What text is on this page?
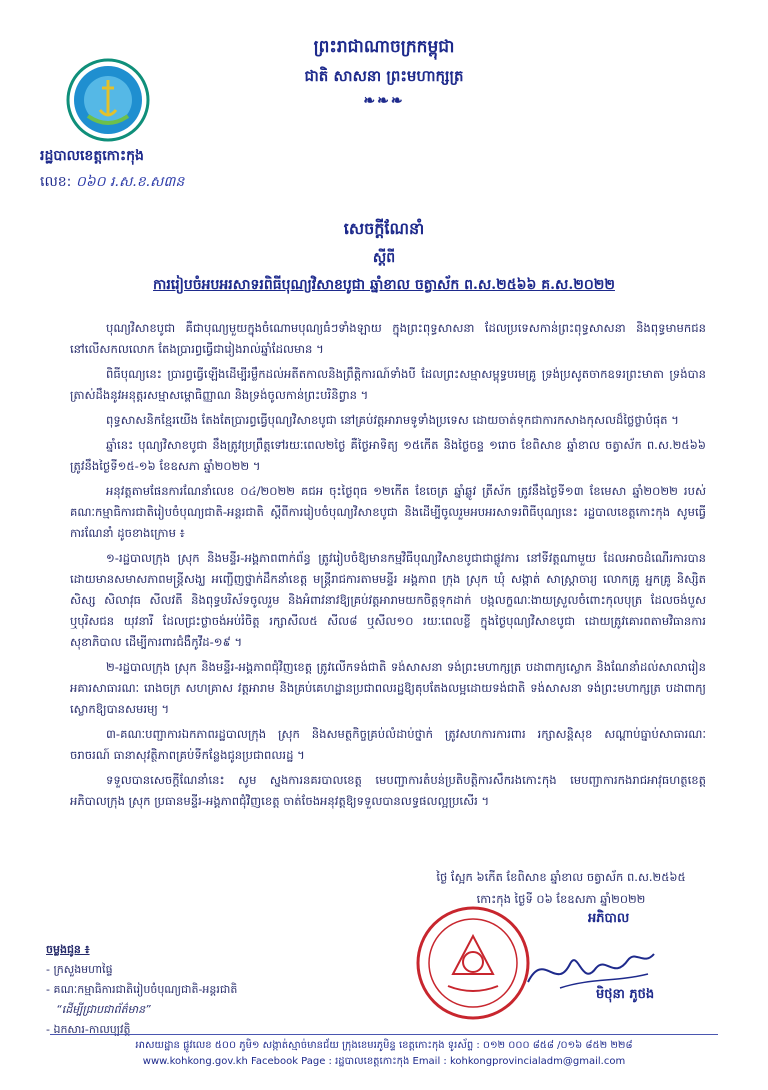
ព្រះរាជាណាចក្រកម្ពុជា
ជាតិ សាសនា ព្រះមហាក្សត្រ
❧❧❧
រដ្ឋបាលខេត្តកោះកុង
លេខ: ០៦០ រ.ស.ខ.ស៣ន
សេចក្តីណែនាំ
ស្តីពី
ការរៀបចំអបអរសាទរពិធីបុណ្យវិសាខបូជា ឆ្នាំខាល ចត្វាស័ក ព.ស.២៥៦៦ គ.ស.២០២២

បុណ្យវិសាខបូជា គឺជាបុណ្យមួយក្នុងចំណោមបុណ្យធំៗទាំងឡាយ ក្នុងព្រះពុទ្ធសាសនា ដែលប្រទេសកាន់ព្រះពុទ្ធសាសនា និងពុទ្ធមាមកជន នៅលើសកលលោក តែងប្រារព្ធធ្វើជារៀងរាល់ឆ្នាំដែលមាន ។

ពិធីបុណ្យនេះ ប្រារព្ធធ្វើឡើងដើម្បីរម្លឹកដល់អតីតកាលនិងព្រឹត្តិការណ៍ទាំងបី ដែលព្រះសម្មាសម្ពុទ្ធបរមគ្រូ ទ្រង់ប្រសូតចាកឧទរព្រះមាតា ទ្រង់បានត្រាស់ដឹងនូវអនុត្តរសម្មាសម្ពោធិញ្ញាណ និងទ្រង់ចូលកាន់ព្រះបរិនិព្វាន ។

ពុទ្ធសាសនិកខ្មែរយើង តែងតែប្រារព្ធធ្វើបុណ្យវិសាខបូជា នៅគ្រប់វត្តអារាមទូទាំងប្រទេស ដោយចាត់ទុកជាការកសាងកុសលដ៏ថ្លៃថ្លាបំផុត ។

ឆ្នាំនេះ បុណ្យវិសាខបូជា នឹងត្រូវប្រព្រឹត្តទៅរយៈពេល២ថ្ងៃ គឺថ្ងៃអាទិត្យ ១៥កើត និងថ្ងៃចន្ទ ១រោច ខែពិសាខ ឆ្នាំខាល ចត្វាស័ក ព.ស.២៥៦៦ ត្រូវនឹងថ្ងៃទី១៥-១៦ ខែឧសភា ឆ្នាំ២០២២ ។

អនុវត្តតាមផែនការណែនាំលេខ ០៤/២០២២ គជអ ចុះថ្ងៃពុធ ១២កើត ខែចេត្រ ឆ្នាំឆ្លូវ ត្រីស័ក ត្រូវនឹងថ្ងៃទី១៣ ខែមេសា ឆ្នាំ២០២២ របស់គណៈកម្មាធិការជាតិរៀបចំបុណ្យជាតិ-អន្តរជាតិ ស្តីពីការរៀបចំបុណ្យវិសាខបូជា និងដើម្បីចូលរួមអបអរសាទរពិធីបុណ្យនេះ រដ្ឋបាលខេត្តកោះកុង សូមធ្វើការណែនាំ ដូចខាងក្រោម ៖

១-រដ្ឋបាលក្រុង ស្រុក និងមន្ទីរ-អង្គភាពពាក់ព័ន្ធ ត្រូវរៀបចំឱ្យមានកម្មវិធីបុណ្យវិសាខបូជាជាផ្លូវការ នៅទីវត្តណាមួយ ដែលអាចដំណើរការបាន ដោយមានសមាសភាពមន្ត្រីសង្ឃ អញ្ជើញថ្នាក់ដឹកនាំខេត្ត មន្ត្រីរាជការតាមមន្ទីរ អង្គភាព ក្រុង ស្រុក ឃុំ សង្កាត់ សាស្ត្រាចារ្យ លោកគ្រូ អ្នកគ្រូ និស្សិត សិស្ស សិលាវុធ សីលវតី និងពុទ្ធបរិស័ទចូលរួម និងអំពាវនាវឱ្យគ្រប់វត្តអារាមយកចិត្តទុកដាក់ បង្កលក្ខណៈងាយស្រួលចំពោះកុលបុត្រ ដែលចង់បួស ឬបុរិសជន យុវនារី ដែលជ្រះថ្លាចង់អប់រំចិត្ត រក្សាសីល៥ សីល៨ ឬសីល១០ រយៈពេលខ្លី ក្នុងថ្ងៃបុណ្យវិសាខបូជា ដោយត្រូវគោរពតាមវិធានការសុខាភិបាល ដើម្បីការពារជំងឺកូវីដ-១៩ ។

២-រដ្ឋបាលក្រុង ស្រុក និងមន្ទីរ-អង្គភាពជុំវិញខេត្ត ត្រូវលើកទង់ជាតិ ទង់សាសនា ទង់ព្រះមហាក្សត្រ បដាពាក្យស្លោក និងណែនាំដល់សាលារៀន អគារសាធារណៈ រោងចក្រ សហគ្រាស វត្តអារាម និងគ្រប់គេហដ្ឋានប្រជាពលរដ្ឋឱ្យតុបតែងលម្អដោយទង់ជាតិ ទង់សាសនា ទង់ព្រះមហាក្សត្រ បដាពាក្យស្លោកឱ្យបានសមរម្យ ។

៣-គណៈបញ្ជាការឯកភាពរដ្ឋបាលក្រុង ស្រុក និងសមត្ថកិច្ចគ្រប់លំដាប់ថ្នាក់ ត្រូវសហការការពារ រក្សាសន្តិសុខ សណ្តាប់ធ្នាប់សាធារណៈ ចរាចរណ៍ ធានាសុវត្ថិភាពគ្រប់ទីកន្លែងជូនប្រជាពលរដ្ឋ ។

ទទួលបានសេចក្តីណែនាំនេះ សូម ស្នងការនគរបាលខេត្ត មេបញ្ជាការតំបន់ប្រតិបត្តិការសឹករងកោះកុង មេបញ្ជាការកងរាជអាវុធហត្ថខេត្ត អភិបាលក្រុង ស្រុក ប្រធានមន្ទីរ-អង្គភាពជុំវិញខេត្ត ចាត់ចែងអនុវត្តឱ្យទទួលបានលទ្ធផលល្អប្រសើរ ។

ថ្ងៃ ស្អែក ៦កើត ខែពិសាខ ឆ្នាំខាល ចត្វាស័ក ព.ស.២៥៦៥
កោះកុង ថ្ងៃទី ០៦ ខែឧសភា ឆ្នាំ២០២២
អភិបាល
មិថុនា ភូថង
ចម្លងជូន ៖
- ក្រសួងមហាផ្ទៃ
- គណៈកម្មាធិការជាតិរៀបចំបុណ្យជាតិ-អន្តរជាតិ
“ដើម្បីជ្រាបជាព័ត៌មាន”
- ឯកសារ-កាលប្បវត្តិ
អាសយដ្ឋាន ផ្លូវលេខ ៥០០ ភូមិ១ សង្កាត់ស្មាច់មានជ័យ ក្រុងខេមរភូមិន្ទ ខេត្តកោះកុង ទូរស័ព្ទ : ០១២ ០០០ ៨៥៨ /០១៦ ៨៥២ ២២៨
www.kohkong.gov.kh Facebook Page : រដ្ឋបាលខេត្តកោះកុង Email : kohkongprovincialadm@gmail.com
